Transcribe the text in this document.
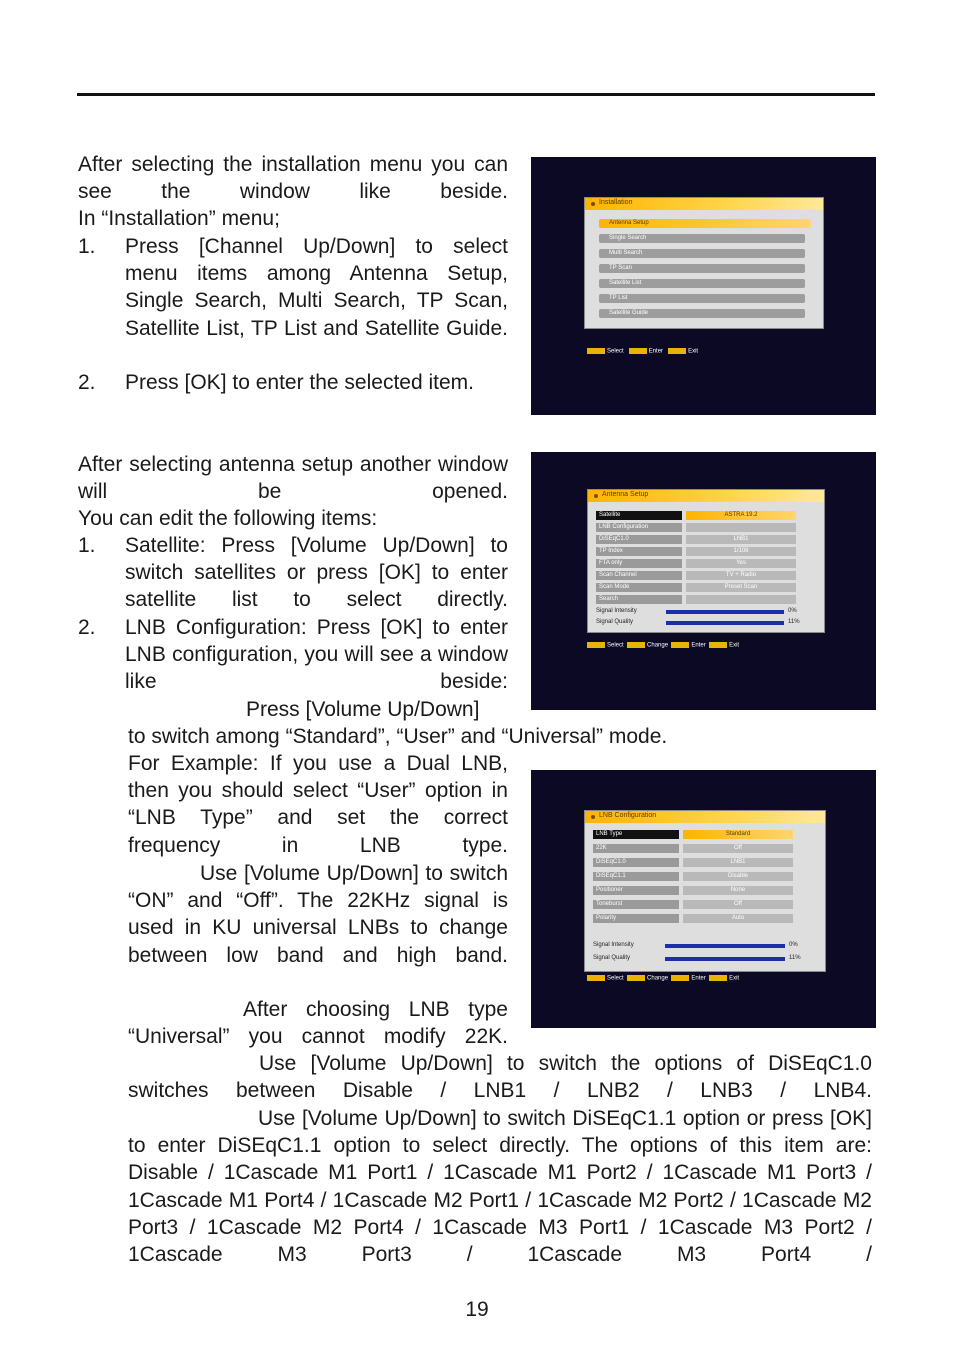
After selecting the installation menu you can see the window like beside.

In “Installation” menu;

1. Press [Channel Up/Down] to select menu items among Antenna Setup, Single Search, Multi Search, TP Scan, Satellite List, TP List and Satellite Guide.

2. Press [OK] to enter the selected item.

Installation
Antenna Setup
Single Search
Multi Search
TP Scan
Satellite List
TP List
Satellite Guide
Select	Enter	Exit

After selecting antenna setup another window will be opened.

You can edit the following items:

1. Satellite: Press [Volume Up/Down] to switch satellites or press [OK] to enter satellite list to select directly.

2. LNB Configuration: Press [OK] to enter LNB configuration, you will see a window like beside:

Press [Volume Up/Down]

to switch among “Standard”, “User” and “Universal” mode.

For Example: If you use a Dual LNB, then you should select “User” option in “LNB Type” and set the correct frequency in LNB type.

Use [Volume Up/Down] to switch “ON” and “Off”. The 22KHz signal is used in KU universal LNBs to change between low band and high band.

After choosing LNB type “Universal” you cannot modify 22K.

Use [Volume Up/Down] to switch the options of DiSEqC1.0 switches between Disable / LNB1 / LNB2 / LNB3 / LNB4.

Use [Volume Up/Down] to switch DiSEqC1.1 option or press [OK] to enter DiSEqC1.1 option to select directly. The options of this item are: Disable / 1Cascade M1 Port1 / 1Cascade M1 Port2 / 1Cascade M1 Port3 / 1Cascade M1 Port4 / 1Cascade M2 Port1 / 1Cascade M2 Port2 / 1Cascade M2 Port3 / 1Cascade M2 Port4 / 1Cascade M3 Port1 / 1Cascade M3 Port2 / 1Cascade M3 Port3 / 1Cascade M3 Port4 /

Antenna Setup
Satellite	ASTRA 19.2
LNB Configuration
DiSEqC1.0	LNB1
TP Index	1/108
FTA only	Yes
Scan Channel	TV + Radio
Scan Mode	Preset Scan
Search
Signal Intensity	0%
Signal Quality	11%
Select	Change	Enter	Exit
LNB Configuration
LNB Type	Standard
22K	Off
DiSEqC1.0	LNB1
DiSEqC1.1	Disable
Positioner	None
Toneburst	Off
Polarity	Auto
Signal Intensity	0%
Signal Quality	11%
Select	Change	Enter	Exit
19
